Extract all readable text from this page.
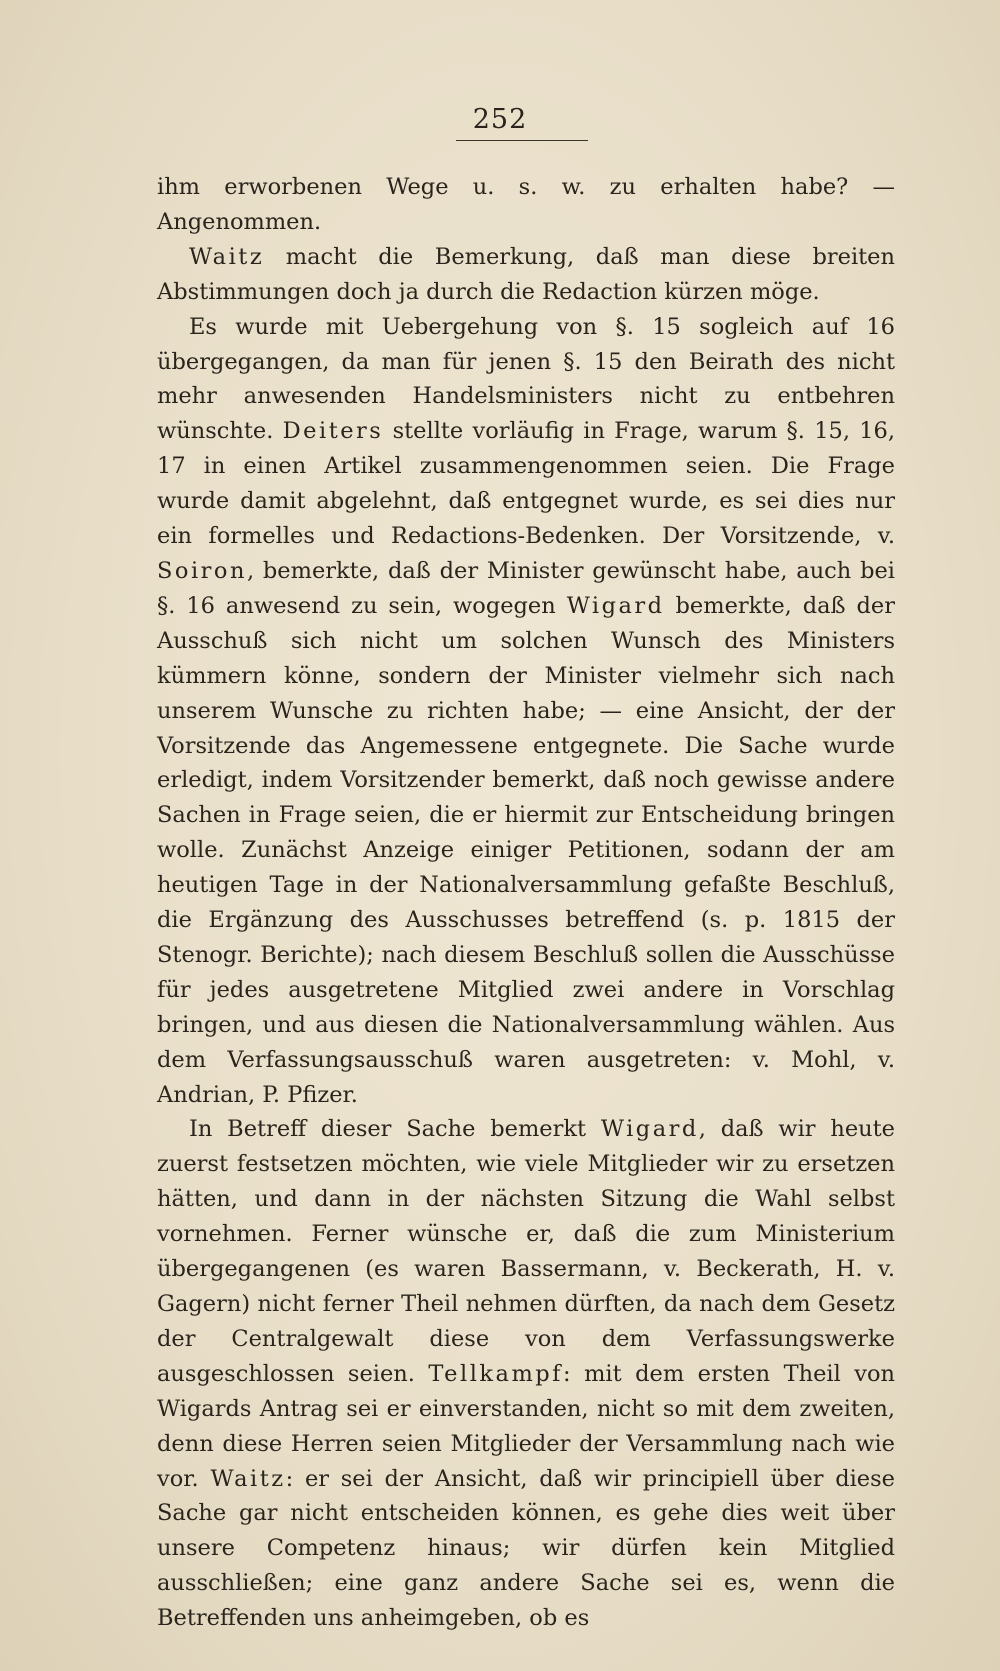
252

ihm erworbenen Wege u. s. w. zu erhalten habe? — Angenommen.

Waitz macht die Bemerkung, daß man diese breiten Abstimmungen doch ja durch die Redaction kürzen möge.

Es wurde mit Uebergehung von §. 15 sogleich auf 16 übergegangen, da man für jenen §. 15 den Beirath des nicht mehr anwesenden Handelsministers nicht zu entbehren wünschte. Deiters stellte vorläufig in Frage, warum §. 15, 16, 17 in einen Artikel zusammengenommen seien. Die Frage wurde damit abgelehnt, daß entgegnet wurde, es sei dies nur ein formelles und Redactions-Bedenken. Der Vorsitzende, v. Soiron, bemerkte, daß der Minister gewünscht habe, auch bei §. 16 anwesend zu sein, wogegen Wigard bemerkte, daß der Ausschuß sich nicht um solchen Wunsch des Ministers kümmern könne, sondern der Minister vielmehr sich nach unserem Wunsche zu richten habe; — eine Ansicht, der der Vorsitzende das Angemessene entgegnete. Die Sache wurde erledigt, indem Vorsitzender bemerkt, daß noch gewisse andere Sachen in Frage seien, die er hiermit zur Entscheidung bringen wolle. Zunächst Anzeige einiger Petitionen, sodann der am heutigen Tage in der Nationalversammlung gefaßte Beschluß, die Ergänzung des Ausschusses betreffend (s. p. 1815 der Stenogr. Berichte); nach diesem Beschluß sollen die Ausschüsse für jedes ausgetretene Mitglied zwei andere in Vorschlag bringen, und aus diesen die Nationalversammlung wählen. Aus dem Verfassungsausschuß waren ausgetreten: v. Mohl, v. Andrian, P. Pfizer.

In Betreff dieser Sache bemerkt Wigard, daß wir heute zuerst festsetzen möchten, wie viele Mitglieder wir zu ersetzen hätten, und dann in der nächsten Sitzung die Wahl selbst vornehmen. Ferner wünsche er, daß die zum Ministerium übergegangenen (es waren Bassermann, v. Beckerath, H. v. Gagern) nicht ferner Theil nehmen dürften, da nach dem Gesetz der Centralgewalt diese von dem Verfassungswerke ausgeschlossen seien. Tellkampf: mit dem ersten Theil von Wigards Antrag sei er einverstanden, nicht so mit dem zweiten, denn diese Herren seien Mitglieder der Versammlung nach wie vor. Waitz: er sei der Ansicht, daß wir principiell über diese Sache gar nicht entscheiden können, es gehe dies weit über unsere Competenz hinaus; wir dürfen kein Mitglied ausschließen; eine ganz andere Sache sei es, wenn die Betreffenden uns anheimgeben, ob es
